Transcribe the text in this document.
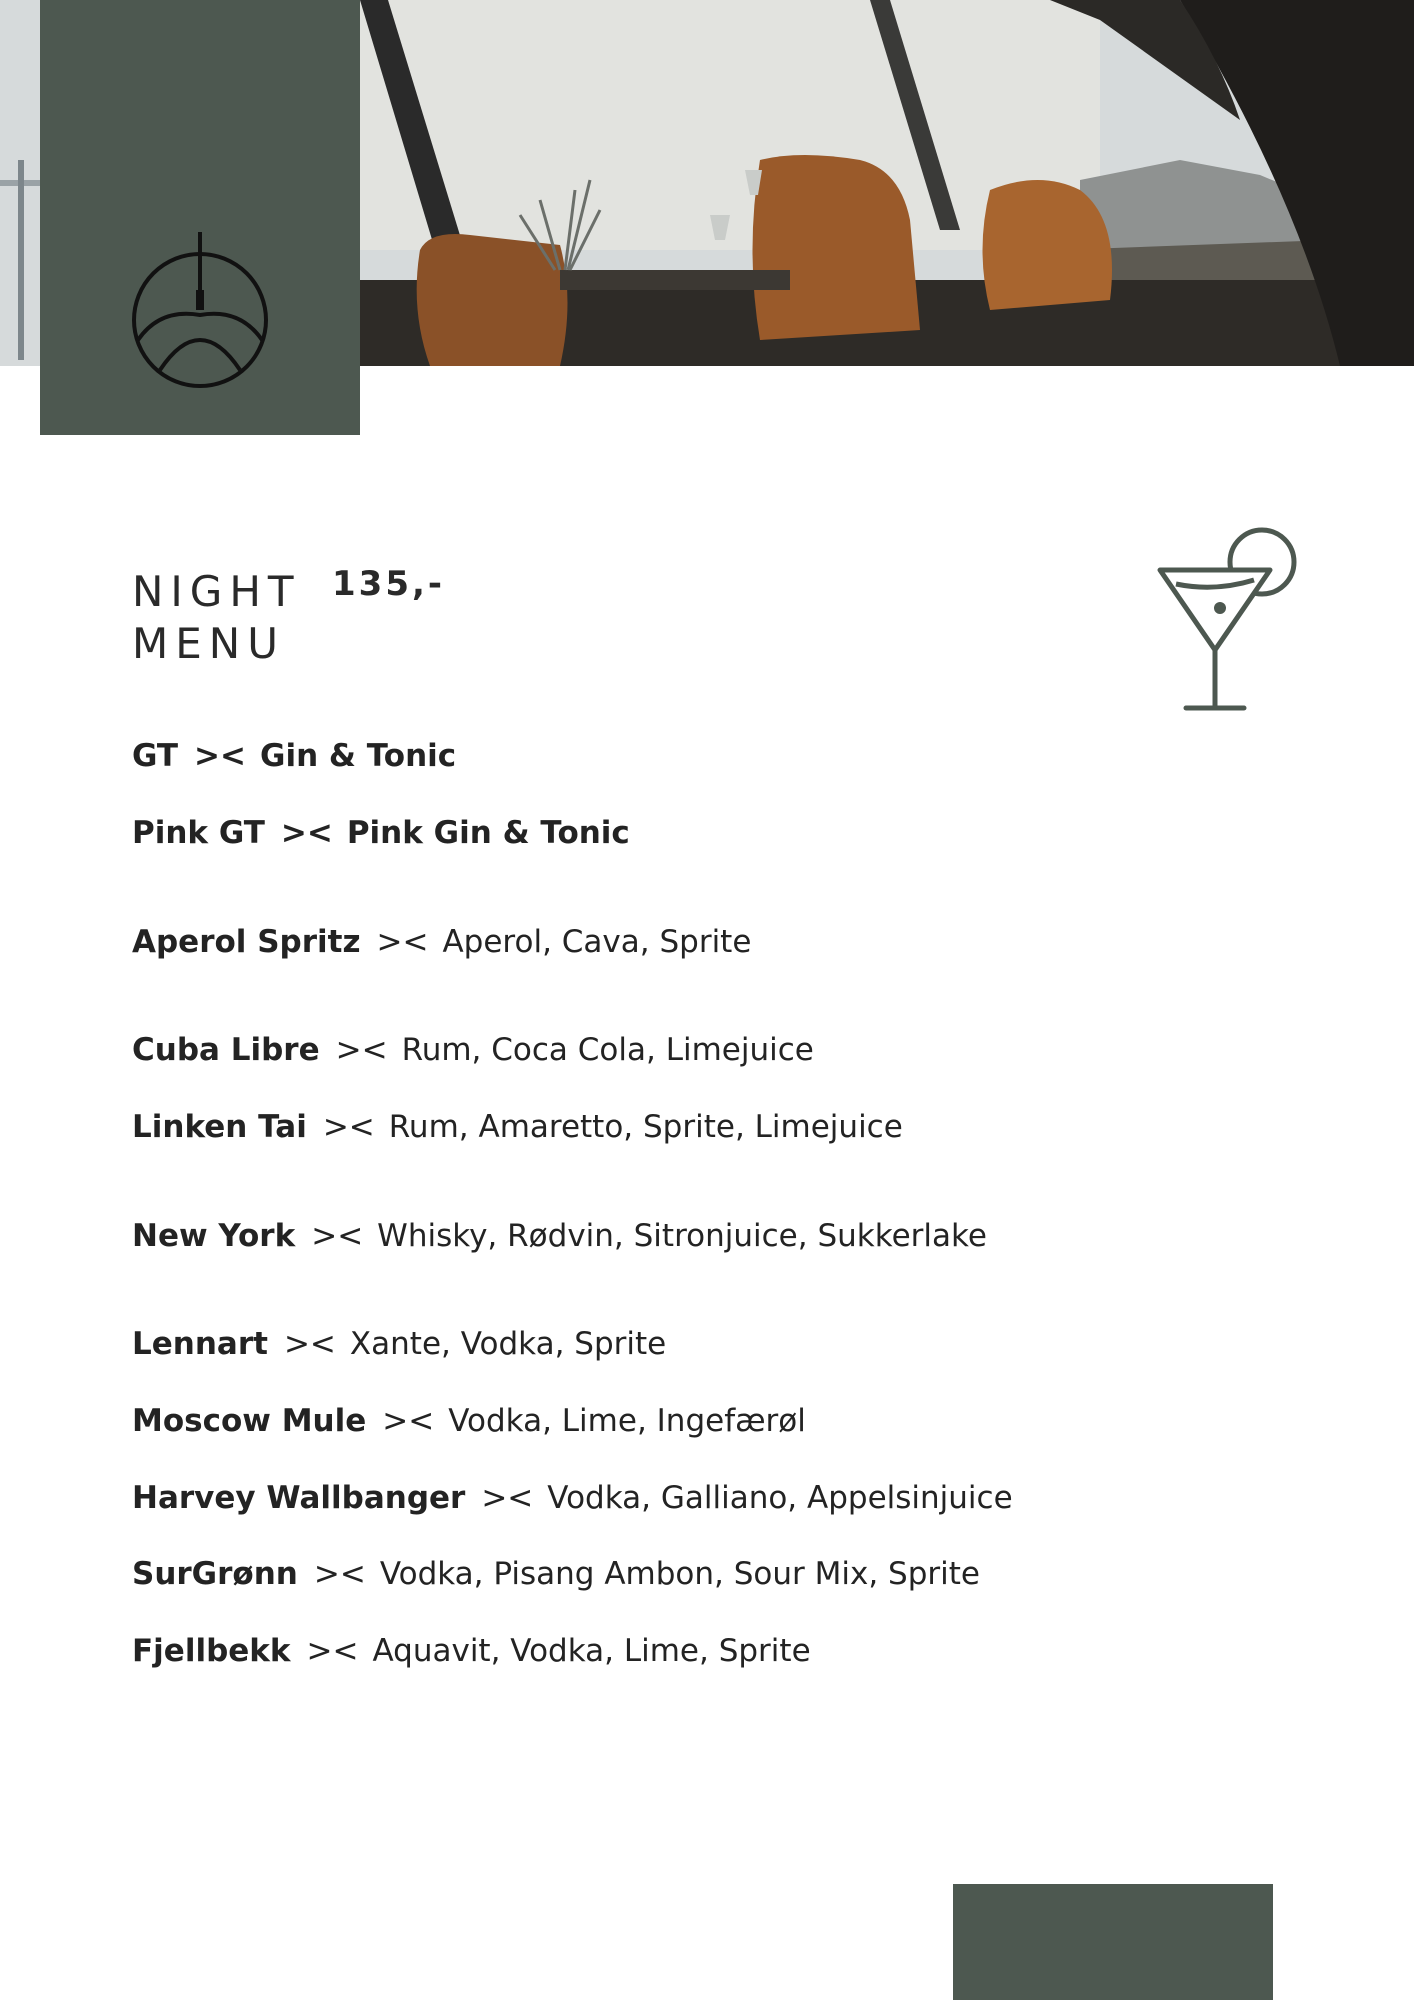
NIGHT
MENU
135,-
GT >< Gin & Tonic
Pink GT >< Pink Gin & Tonic
Aperol Spritz >< Aperol, Cava, Sprite
Cuba Libre >< Rum, Coca Cola, Limejuice
Linken Tai >< Rum, Amaretto, Sprite, Limejuice
New York >< Whisky, Rødvin, Sitronjuice, Sukkerlake
Lennart >< Xante, Vodka, Sprite
Moscow Mule >< Vodka, Lime, Ingefærøl
Harvey Wallbanger >< Vodka, Galliano, Appelsinjuice
SurGrønn >< Vodka, Pisang Ambon, Sour Mix, Sprite
Fjellbekk >< Aquavit, Vodka, Lime, Sprite
